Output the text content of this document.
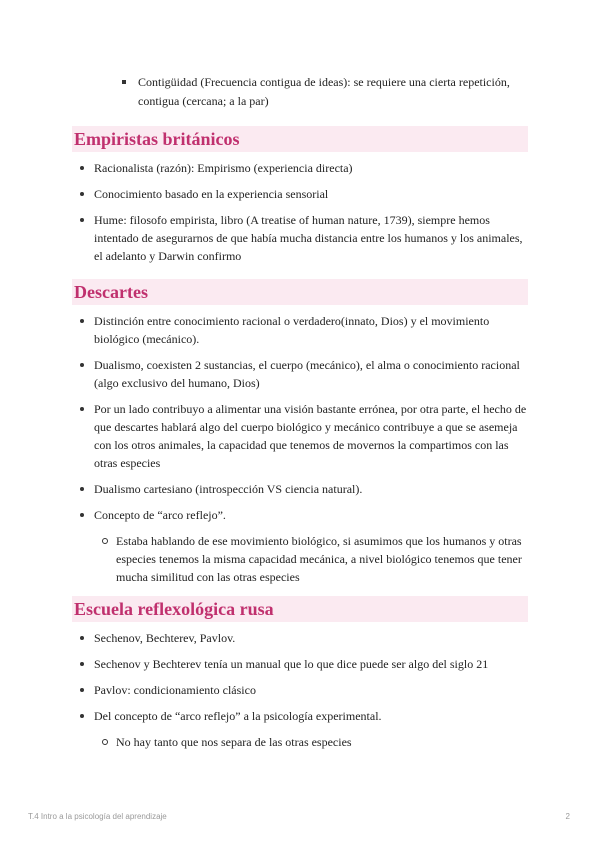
Contigüidad (Frecuencia contigua de ideas): se requiere una cierta repetición, contigua (cercana; a la par)
Empiristas británicos
Racionalista (razón): Empirismo (experiencia directa)
Conocimiento basado en la experiencia sensorial
Hume: filosofo empirista, libro (A treatise of human nature, 1739), siempre hemos intentado de asegurarnos de que había mucha distancia entre los humanos y los animales, el adelanto y Darwin confirmo
Descartes
Distinción entre conocimiento racional o verdadero(innato, Dios) y el movimiento biológico (mecánico).
Dualismo, coexisten 2 sustancias, el cuerpo (mecánico), el alma o conocimiento racional (algo exclusivo del humano, Dios)
Por un lado contribuyo a alimentar una visión bastante errónea, por otra parte, el hecho de que descartes hablará algo del cuerpo biológico y mecánico contribuye a que se asemeja con los otros animales, la capacidad que tenemos de movernos la compartimos con las otras especies
Dualismo cartesiano (introspección VS ciencia natural).
Concepto de “arco reflejo”.
Estaba hablando de ese movimiento biológico, si asumimos que los humanos y otras especies tenemos la misma capacidad mecánica, a nivel biológico tenemos que tener mucha similitud con las otras especies
Escuela reflexológica rusa
Sechenov, Bechterev, Pavlov.
Sechenov y Bechterev tenía un manual que lo que dice puede ser algo del siglo 21
Pavlov: condicionamiento clásico
Del concepto de “arco reflejo” a la psicología experimental.
No hay tanto que nos separa de las otras especies
T.4 Intro a la psicología del aprendizaje	2
